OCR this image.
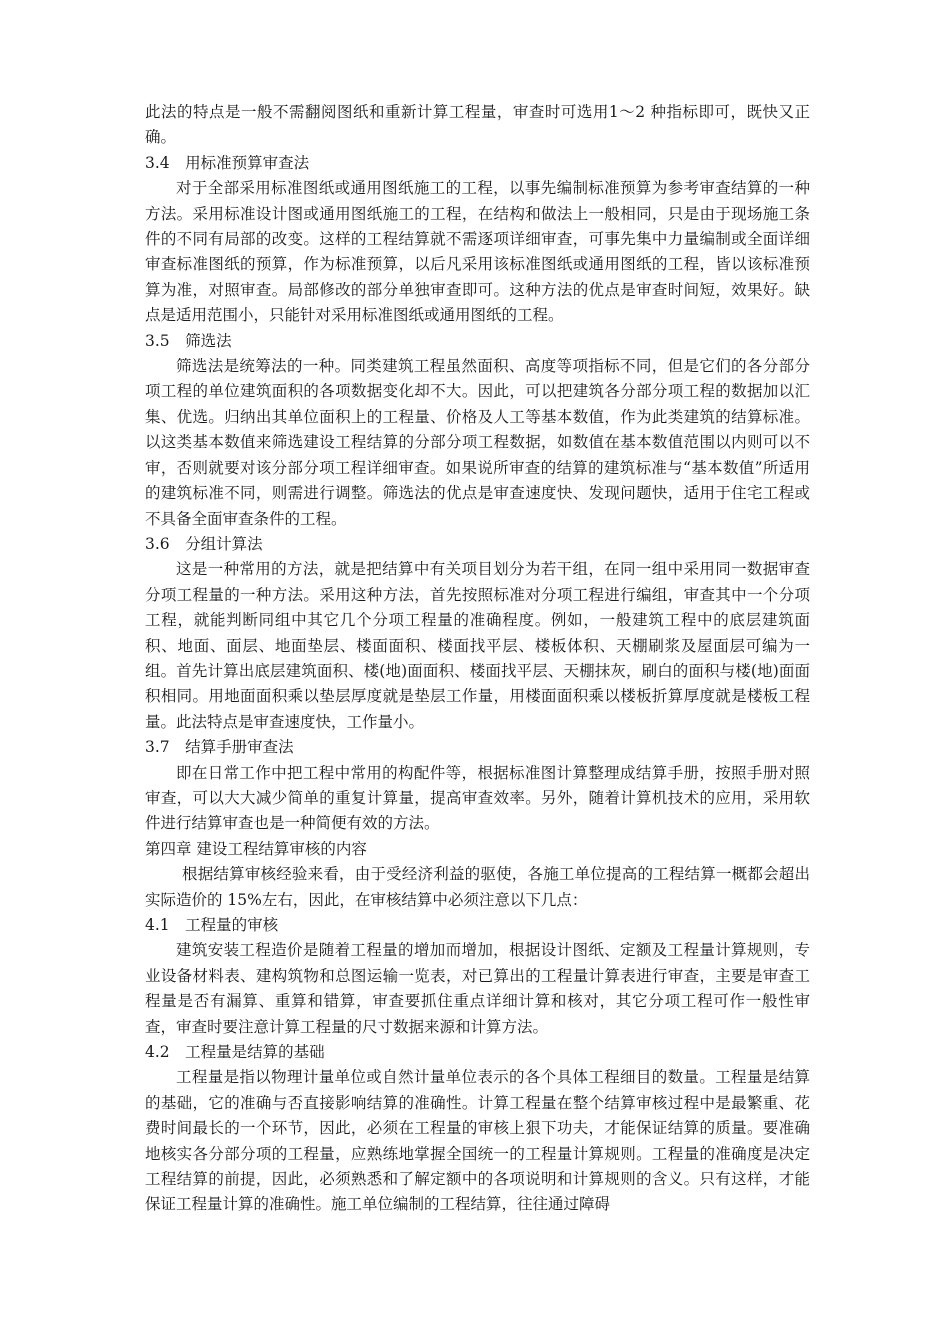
此法的特点是一般不需翻阅图纸和重新计算工程量，审查时可选用1～2 种指标即可，既快又正确。

3.4　用标准预算审查法

对于全部采用标准图纸或通用图纸施工的工程，以事先编制标准预算为参考审查结算的一种方法。采用标准设计图或通用图纸施工的工程，在结构和做法上一般相同，只是由于现场施工条件的不同有局部的改变。这样的工程结算就不需逐项详细审查，可事先集中力量编制或全面详细审查标准图纸的预算，作为标准预算，以后凡采用该标准图纸或通用图纸的工程，皆以该标准预算为准，对照审查。局部修改的部分单独审查即可。这种方法的优点是审查时间短，效果好。缺点是适用范围小，只能针对采用标准图纸或通用图纸的工程。

3.5　筛选法

筛选法是统筹法的一种。同类建筑工程虽然面积、高度等项指标不同，但是它们的各分部分项工程的单位建筑面积的各项数据变化却不大。因此，可以把建筑各分部分项工程的数据加以汇集、优选。归纳出其单位面积上的工程量、价格及人工等基本数值，作为此类建筑的结算标准。以这类基本数值来筛选建设工程结算的分部分项工程数据，如数值在基本数值范围以内则可以不审，否则就要对该分部分项工程详细审查。如果说所审查的结算的建筑标准与“基本数值”所适用的建筑标准不同，则需进行调整。筛选法的优点是审查速度快、发现问题快，适用于住宅工程或不具备全面审查条件的工程。

3.6　分组计算法

这是一种常用的方法，就是把结算中有关项目划分为若干组，在同一组中采用同一数据审查分项工程量的一种方法。采用这种方法，首先按照标准对分项工程进行编组，审查其中一个分项工程，就能判断同组中其它几个分项工程量的准确程度。例如，一般建筑工程中的底层建筑面积、地面、面层、地面垫层、楼面面积、楼面找平层、楼板体积、天棚刷浆及屋面层可编为一组。首先计算出底层建筑面积、楼(地)面面积、楼面找平层、天棚抹灰，刷白的面积与楼(地)面面积相同。用地面面积乘以垫层厚度就是垫层工作量，用楼面面积乘以楼板折算厚度就是楼板工程量。此法特点是审查速度快，工作量小。

3.7　结算手册审查法

即在日常工作中把工程中常用的构配件等，根据标准图计算整理成结算手册，按照手册对照审查，可以大大减少简单的重复计算量，提高审查效率。另外，随着计算机技术的应用，采用软件进行结算审查也是一种简便有效的方法。

第四章 建设工程结算审核的内容

根据结算审核经验来看，由于受经济利益的驱使，各施工单位提高的工程结算一概都会超出实际造价的 15%左右，因此，在审核结算中必须注意以下几点：

4.1　工程量的审核

建筑安装工程造价是随着工程量的增加而增加，根据设计图纸、定额及工程量计算规则，专业设备材料表、建构筑物和总图运输一览表，对已算出的工程量计算表进行审查，主要是审查工程量是否有漏算、重算和错算，审查要抓住重点详细计算和核对，其它分项工程可作一般性审查，审查时要注意计算工程量的尺寸数据来源和计算方法。

4.2　工程量是结算的基础

工程量是指以物理计量单位或自然计量单位表示的各个具体工程细目的数量。工程量是结算的基础，它的准确与否直接影响结算的准确性。计算工程量在整个结算审核过程中是最繁重、花费时间最长的一个环节，因此，必须在工程量的审核上狠下功夫，才能保证结算的质量。要准确地核实各分部分项的工程量，应熟练地掌握全国统一的工程量计算规则。工程量的准确度是决定工程结算的前提，因此，必须熟悉和了解定额中的各项说明和计算规则的含义。只有这样，才能保证工程量计算的准确性。施工单位编制的工程结算，往往通过障碍
